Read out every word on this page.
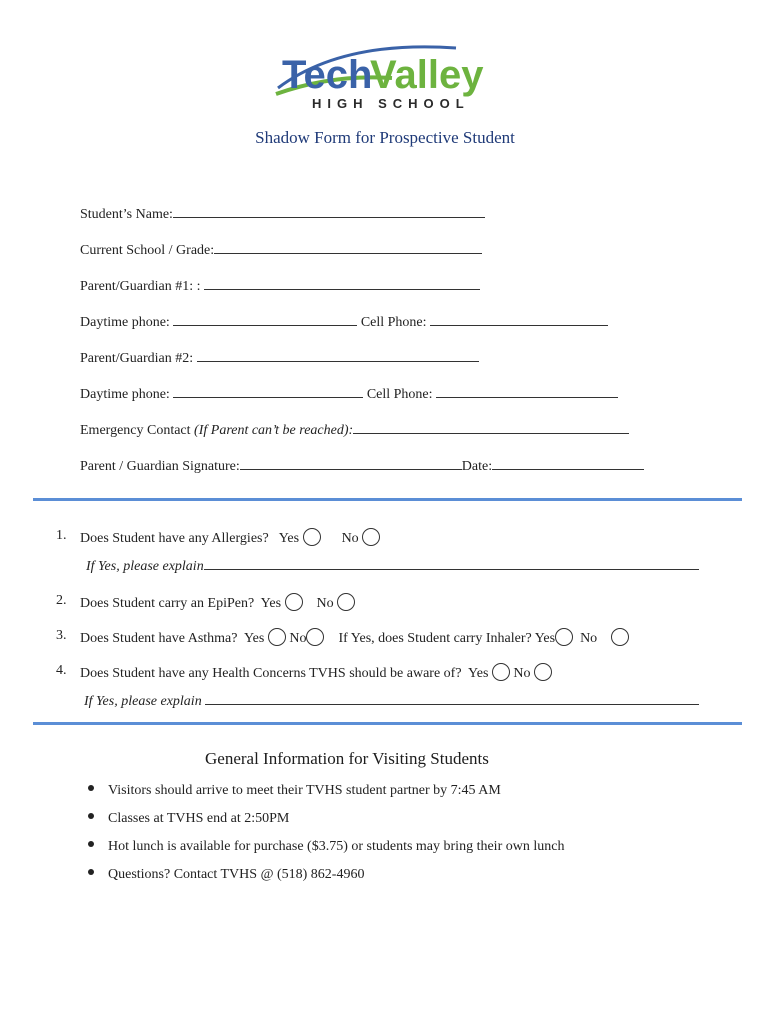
Tech
Valley
HIGH SCHOOL
Shadow Form for Prospective Student
Student’s Name:
Current School / Grade:
Parent/Guardian #1: :
Daytime phone:	Cell Phone:
Parent/Guardian #2:
Daytime phone:	Cell Phone:
Emergency Contact (If Parent can’t be reached):
Parent / Guardian Signature:	Date:
1. Does Student have any Allergies? Yes	No
If Yes, please explain
2. Does Student carry an EpiPen? Yes	No
3. Does Student have Asthma? Yes No If Yes, does Student carry Inhaler? Yes No
4. Does Student have any Health Concerns TVHS should be aware of? Yes No
If Yes, please explain
General Information for Visiting Students
Visitors should arrive to meet their TVHS student partner by 7:45 AM
Classes at TVHS end at 2:50PM
Hot lunch is available for purchase ($3.75) or students may bring their own lunch
Questions? Contact TVHS @ (518) 862-4960
